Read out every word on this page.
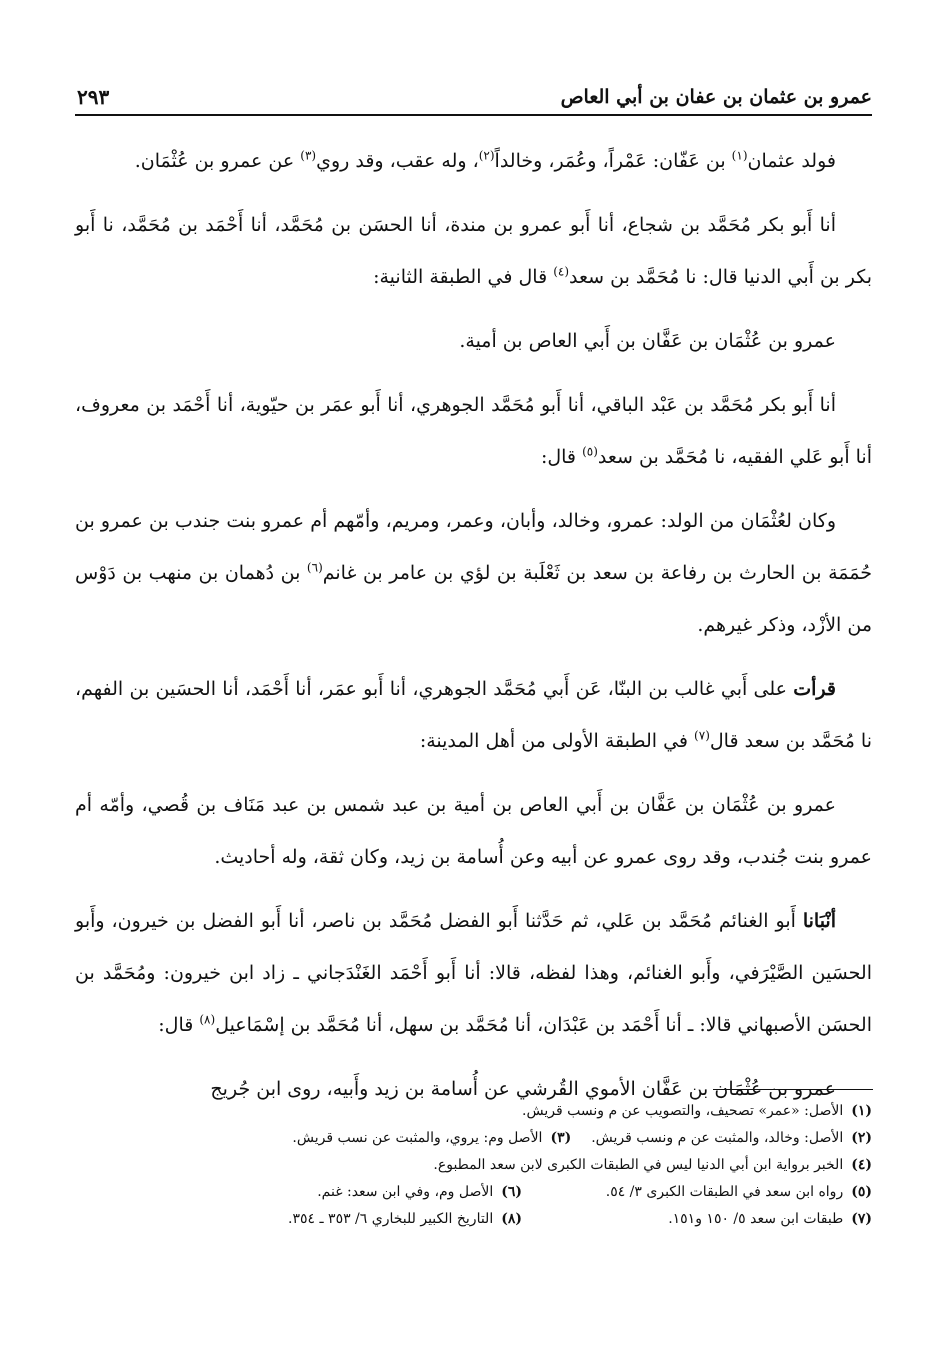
عمرو بن عثمان بن عفان بن أبي العاص
٢٩٣

فولد عثمان$^{(١)}$ بن عَفّان: عَمْراً، وعُمَر، وخالداً$^{(٢)}$، وله عقب، وقد روي$^{(٣)}$ عن عمرو بن عُثْمَان.

أنا أَبو بكر مُحَمَّد بن شجاع، أنا أَبو عمرو بن مندة، أنا الحسَن بن مُحَمَّد، أنا أَحْمَد بن مُحَمَّد، نا أَبو بكر بن أَبي الدنيا قال: نا مُحَمَّد بن سعد$^{(٤)}$ قال في الطبقة الثانية:

عمرو بن عُثْمَان بن عَفَّان بن أَبي العاص بن أمية.

أنا أَبو بكر مُحَمَّد بن عَبْد الباقي، أنا أَبو مُحَمَّد الجوهري، أنا أَبو عمَر بن حيّوية، أنا أَحْمَد بن معروف، أنا أَبو عَلي الفقيه، نا مُحَمَّد بن سعد$^{(٥)}$ قال:

وكان لعُثْمَان من الولد: عمرو، وخالد، وأبان، وعمر، ومريم، وأمّهم أم عمرو بنت جندب بن عمرو بن حُمَمَة بن الحارث بن رفاعة بن سعد بن ثَعْلَبة بن لؤي بن عامر بن غانم$^{(٦)}$ بن دُهمان بن منهب بن دَوْس من الأزْد، وذكر غيرهم.

قرأت على أَبي غالب بن البنّا، عَن أَبي مُحَمَّد الجوهري، أنا أَبو عمَر، أنا أَحْمَد، أنا الحسَين بن الفهم، نا مُحَمَّد بن سعد قال$^{(٧)}$ في الطبقة الأولى من أهل المدينة:

عمرو بن عُثْمَان بن عَفَّان بن أَبي العاص بن أمية بن عبد شمس بن عبد مَنَاف بن قُصي، وأمّه أم عمرو بنت جُندب، وقد روى عمرو عن أبيه وعن أُسامة بن زيد، وكان ثقة، وله أحاديث.

أنْبَانا أَبو الغنائم مُحَمَّد بن عَلي، ثم حَدَّثنا أَبو الفضل مُحَمَّد بن ناصر، أنا أَبو الفضل بن خيرون، وأَبو الحسَين الصَّيْرَفي، وأَبو الغنائم، وهذا لفظه، قالا: أنا أَبو أَحْمَد الغَنْدَجاني ـ زاد ابن خيرون: ومُحَمَّد بن الحسَن الأصبهاني قالا: ـ أنا أَحْمَد بن عَبْدَان، أنا مُحَمَّد بن سهل، أنا مُحَمَّد بن إسْمَاعيل$^{(٨)}$ قال:

عمرو بن عُثْمَان بن عَفَّان الأموي القُرشي عن أُسامة بن زيد وأَبيه، روى ابن جُريج

(١)الأصل: «عمر» تصحيف، والتصويب عن م ونسب قريش.
(٢)الأصل: وخالد، والمثبت عن م ونسب قريش.
(٣)الأصل وم: يروي، والمثبت عن نسب قريش.
(٤)الخبر برواية ابن أبي الدنيا ليس في الطبقات الكبرى لابن سعد المطبوع.
(٥)رواه ابن سعد في الطبقات الكبرى ٣/ ٥٤.
(٦)الأصل وم، وفي ابن سعد: غنم.
(٧)طبقات ابن سعد ٥/ ١٥٠ و١٥١.
(٨)التاريخ الكبير للبخاري ٦/ ٣٥٣ ـ ٣٥٤.
